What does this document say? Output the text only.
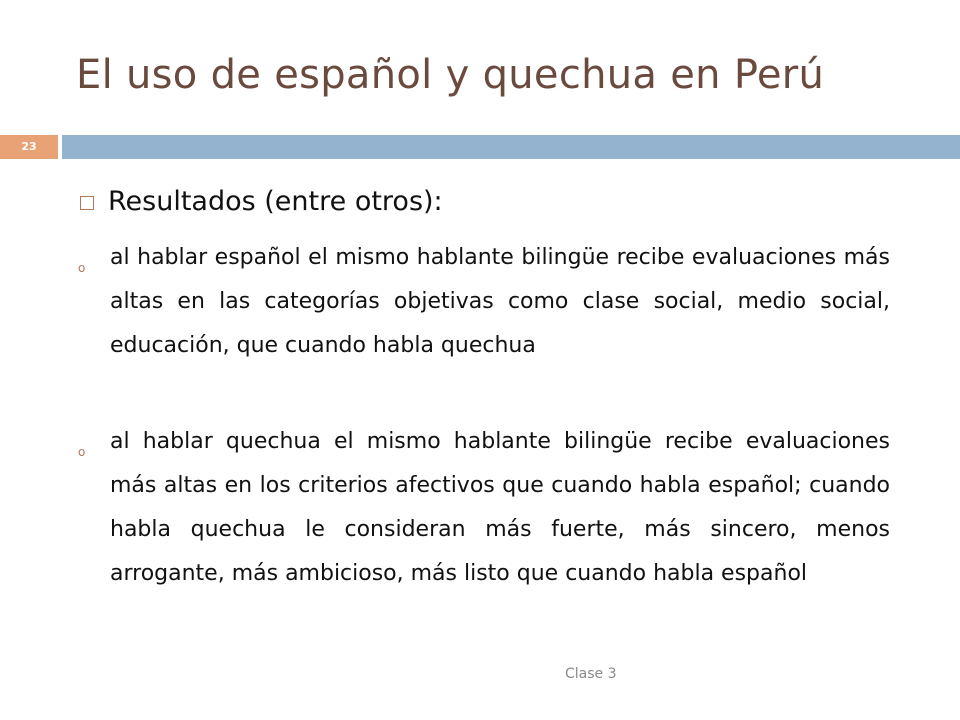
El uso de español y quechua en Perú
23
Resultados (entre otros):
o al hablar español el mismo hablante bilingüe recibe evaluaciones más altas en las categorías objetivas como clase social, medio social, educación, que cuando habla quechua
o al hablar quechua el mismo hablante bilingüe recibe evaluaciones más altas en los criterios afectivos que cuando habla español; cuando habla quechua le consideran más fuerte, más sincero, menos arrogante, más ambicioso, más listo que cuando habla español
Clase 3
